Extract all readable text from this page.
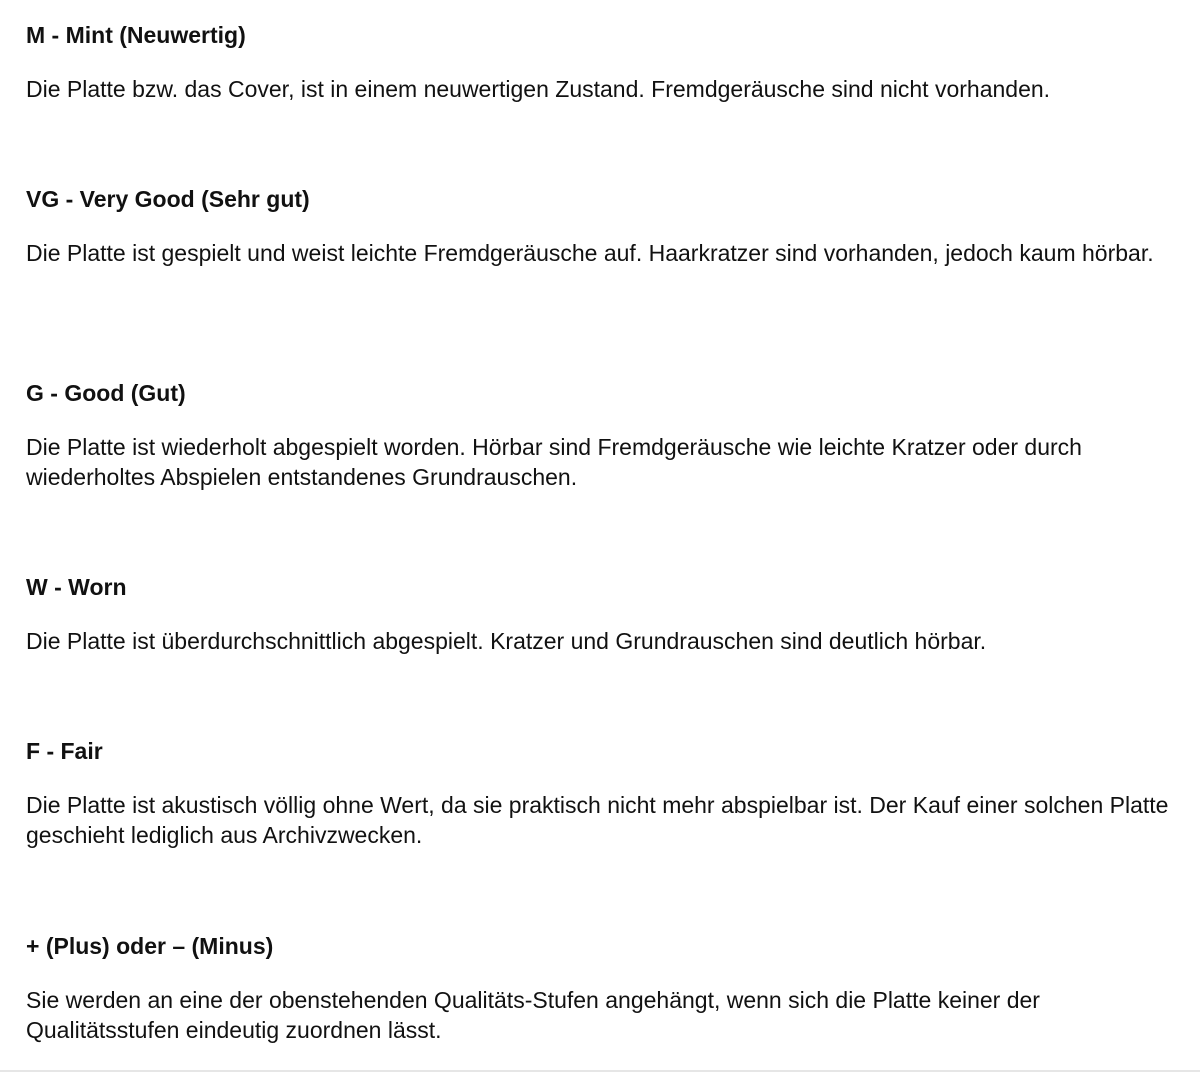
M - Mint (Neuwertig)

Die Platte bzw. das Cover, ist in einem neuwertigen Zustand. Fremdgeräusche sind nicht vorhanden.

VG - Very Good (Sehr gut)

Die Platte ist gespielt und weist leichte Fremdgeräusche auf. Haarkratzer sind vorhanden, jedoch kaum hörbar.

G - Good (Gut)

Die Platte ist wiederholt abgespielt worden. Hörbar sind Fremdgeräusche wie leichte Kratzer oder durch wiederholtes Abspielen entstandenes Grundrauschen.

W - Worn

Die Platte ist überdurchschnittlich abgespielt. Kratzer und Grundrauschen sind deutlich hörbar.

F - Fair

Die Platte ist akustisch völlig ohne Wert, da sie praktisch nicht mehr abspielbar ist. Der Kauf einer solchen Platte geschieht lediglich aus Archivzwecken.

+ (Plus) oder – (Minus)

Sie werden an eine der obenstehenden Qualitäts-Stufen angehängt, wenn sich die Platte keiner der Qualitätsstufen eindeutig zuordnen lässt.
